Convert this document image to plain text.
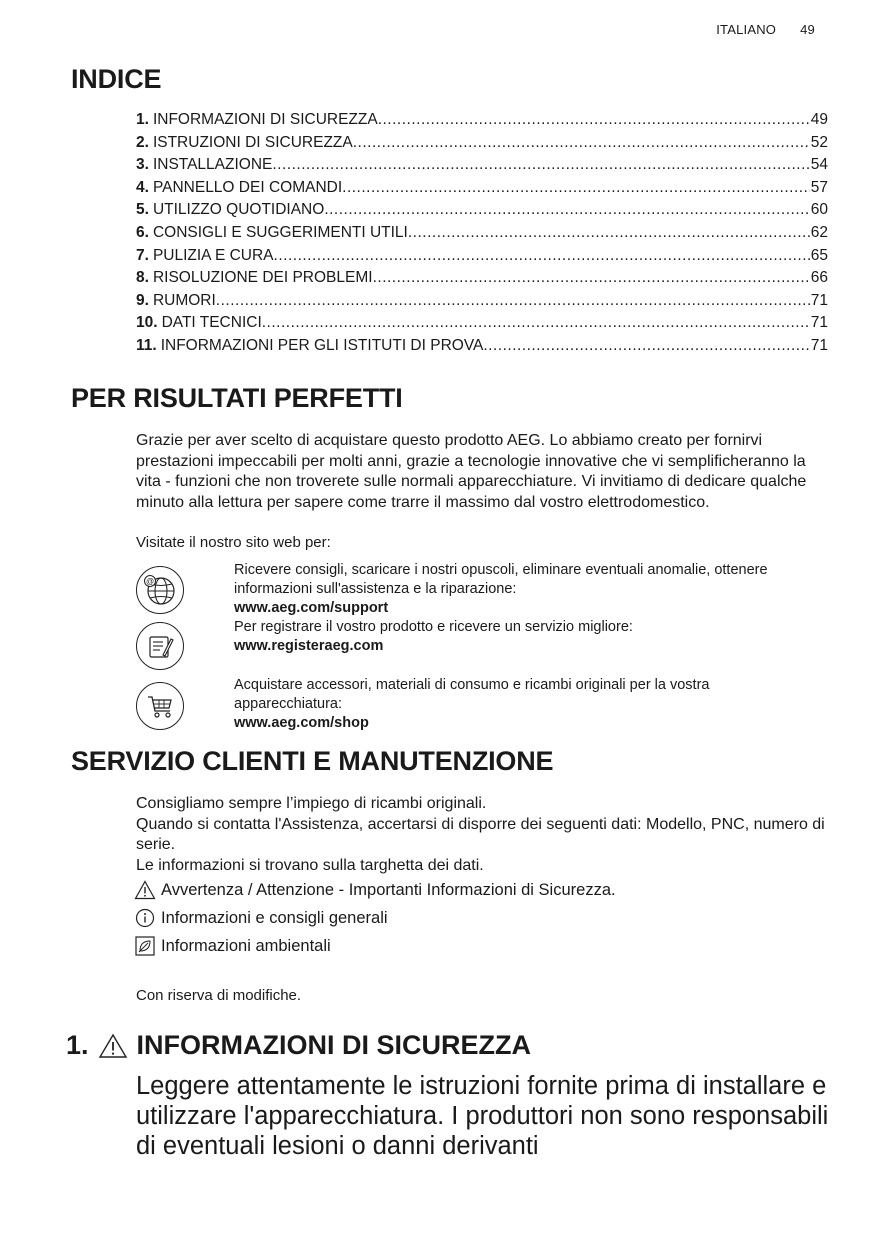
ITALIANO 49
INDICE
1. INFORMAZIONI DI SICUREZZA .....	49
2. ISTRUZIONI DI SICUREZZA .....	52
3. INSTALLAZIONE .....	54
4. PANNELLO DEI COMANDI .....	57
5. UTILIZZO QUOTIDIANO .....	60
6. CONSIGLI E SUGGERIMENTI UTILI .....	62
7. PULIZIA E CURA .....	65
8. RISOLUZIONE DEI PROBLEMI .....	66
9. RUMORI .....	71
10. DATI TECNICI .....	71
11. INFORMAZIONI PER GLI ISTITUTI DI PROVA .....	71
PER RISULTATI PERFETTI

Grazie per aver scelto di acquistare questo prodotto AEG. Lo abbiamo creato per fornirvi prestazioni impeccabili per molti anni, grazie a tecnologie innovative che vi semplificheranno la vita - funzioni che non troverete sulle normali apparecchiature. Vi invitiamo di dedicare qualche minuto alla lettura per sapere come trarre il massimo dal vostro elettrodomestico.

Visitate il nostro sito web per:

@
Ricevere consigli, scaricare i nostri opuscoli, eliminare eventuali anomalie, ottenere informazioni sull'assistenza e la riparazione:
www.aeg.com/support
Per registrare il vostro prodotto e ricevere un servizio migliore:
www.registeraeg.com
Acquistare accessori, materiali di consumo e ricambi originali per la vostra apparecchiatura:
www.aeg.com/shop
SERVIZIO CLIENTI E MANUTENZIONE
Consigliamo sempre l’impiego di ricambi originali.
Quando si contatta l'Assistenza, accertarsi di disporre dei seguenti dati: Modello, PNC, numero di serie.
Le informazioni si trovano sulla targhetta dei dati.
Avvertenza / Attenzione - Importanti Informazioni di Sicurezza.
Informazioni e consigli generali
Informazioni ambientali
Con riserva di modifiche.
1. INFORMAZIONI DI SICUREZZA

Leggere attentamente le istruzioni fornite prima di installare e utilizzare l'apparecchiatura. I produttori non sono responsabili di eventuali lesioni o danni derivanti
